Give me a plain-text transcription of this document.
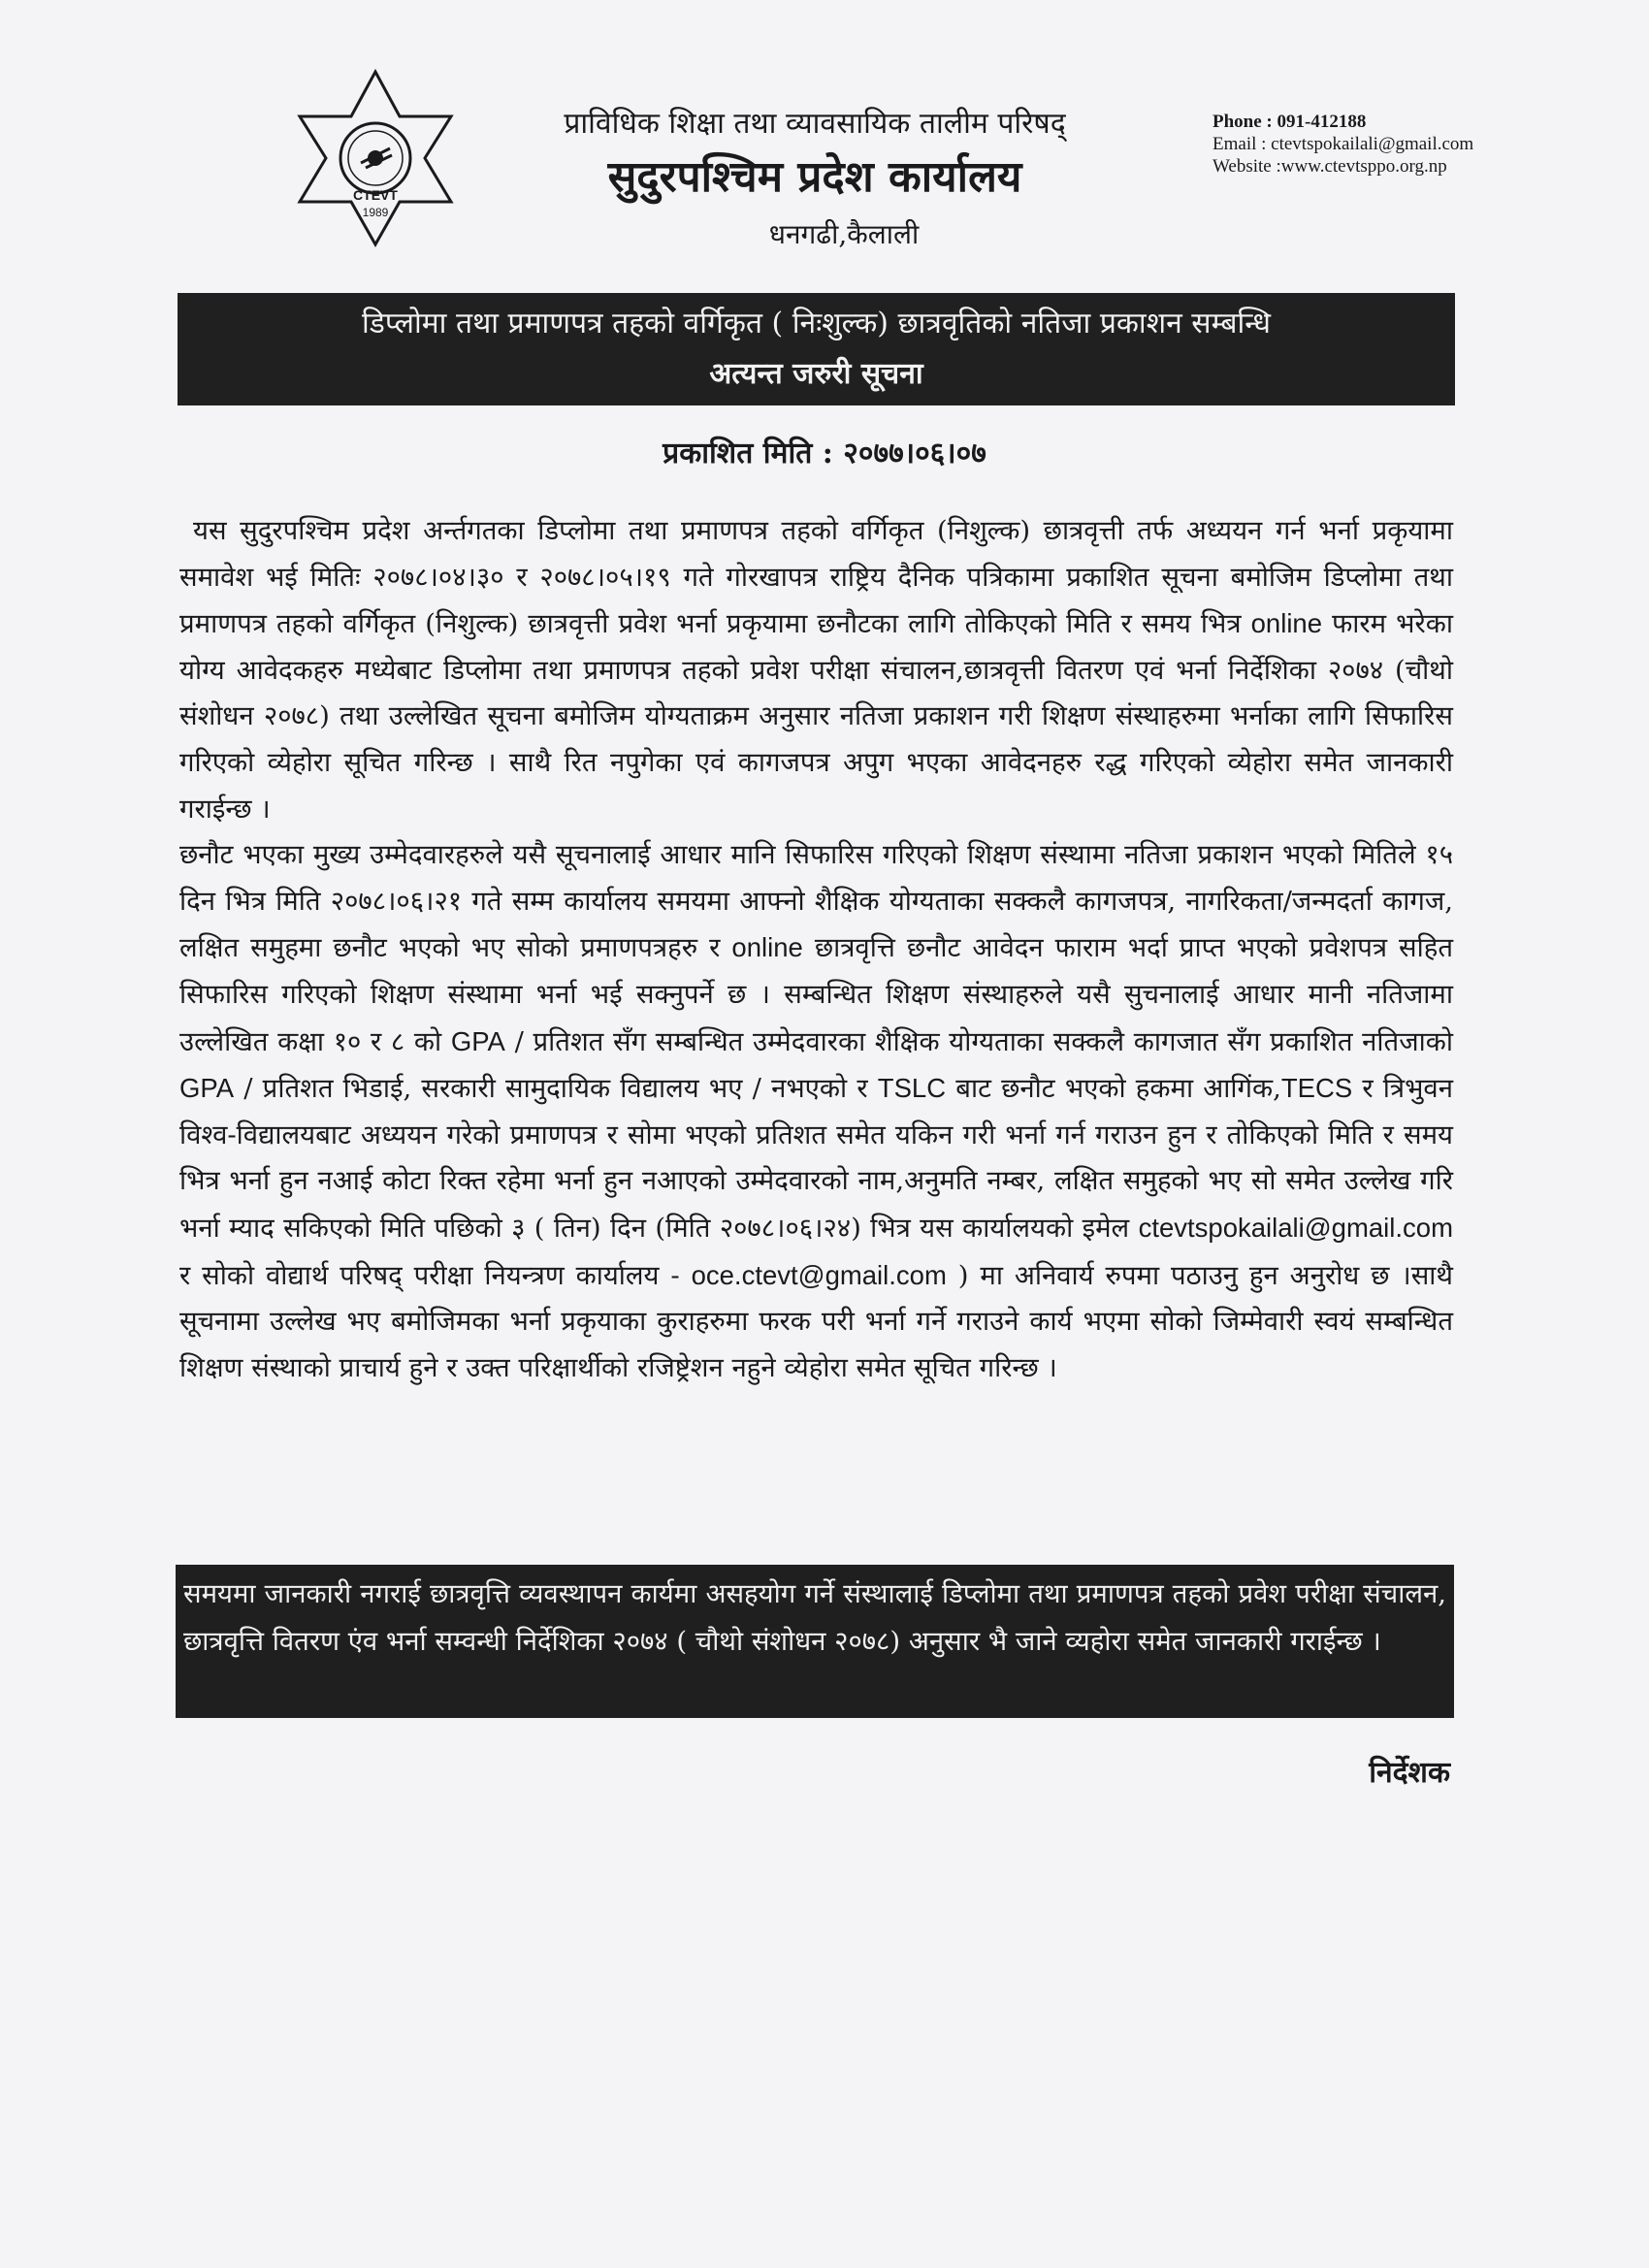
CTEVT
1989
प्राविधिक शिक्षा तथा व्यावसायिक तालीम परिषद्
सुदुरपश्चिम प्रदेश कार्यालय
धनगढी,कैलाली
Phone : 091-412188
Email : ctevtspokailali@gmail.com
Website :www.ctevtsppo.org.np
डिप्लोमा तथा प्रमाणपत्र तहको वर्गिकृत ( निःशुल्क) छात्रवृतिको नतिजा प्रकाशन सम्बन्धि
अत्यन्त जरुरी सूचना
प्रकाशित मिति : २०७७।०६।०७

यस सुदुरपश्चिम प्रदेश अर्न्तगतका डिप्लोमा तथा प्रमाणपत्र तहको वर्गिकृत (निशुल्क) छात्रवृत्ती तर्फ अध्ययन गर्न भर्ना प्रकृयामा समावेश भई मितिः २०७८।०४।३० र २०७८।०५।१९ गते गोरखापत्र राष्ट्रिय दैनिक पत्रिकामा प्रकाशित सूचना बमोजिम डिप्लोमा तथा प्रमाणपत्र तहको वर्गिकृत (निशुल्क) छात्रवृत्ती प्रवेश भर्ना प्रकृयामा छनौटका लागि तोकिएको मिति र समय भित्र online फारम भरेका योग्य आवेदकहरु मध्येबाट डिप्लोमा तथा प्रमाणपत्र तहको प्रवेश परीक्षा संचालन,छात्रवृत्ती वितरण एवं भर्ना निर्देशिका २०७४ (चौथो संशोधन २०७८) तथा उल्लेखित सूचना बमोजिम योग्यताक्रम अनुसार नतिजा प्रकाशन गरी शिक्षण संस्थाहरुमा भर्नाका लागि सिफारिस गरिएको व्येहोरा सूचित गरिन्छ । साथै रित नपुगेका एवं कागजपत्र अपुग भएका आवेदनहरु रद्ध गरिएको व्येहोरा समेत जानकारी गराईन्छ ।

छनौट भएका मुख्य उम्मेदवारहरुले यसै सूचनालाई आधार मानि सिफारिस गरिएको शिक्षण संस्थामा नतिजा प्रकाशन भएको मितिले १५ दिन भित्र मिति २०७८।०६।२१ गते सम्म कार्यालय समयमा आफ्नो शैक्षिक योग्यताका सक्कलै कागजपत्र, नागरिकता/जन्मदर्ता कागज, लक्षित समुहमा छनौट भएको भए सोको प्रमाणपत्रहरु र online छात्रवृत्ति छनौट आवेदन फाराम भर्दा प्राप्त भएको प्रवेशपत्र सहित सिफारिस गरिएको शिक्षण संस्थामा भर्ना भई सक्नुपर्ने छ । सम्बन्धित शिक्षण संस्थाहरुले यसै सुचनालाई आधार मानी नतिजामा उल्लेखित कक्षा १० र ८ को GPA / प्रतिशत सँग सम्बन्धित उम्मेदवारका शैक्षिक योग्यताका सक्कलै कागजात सँग प्रकाशित नतिजाको GPA / प्रतिशत भिडाई, सरकारी सामुदायिक विद्यालय भए / नभएको र TSLC बाट छनौट भएको हकमा आगिंक,TECS र त्रिभुवन विश्व-विद्यालयबाट अध्ययन गरेको प्रमाणपत्र र सोमा भएको प्रतिशत समेत यकिन गरी भर्ना गर्न गराउन हुन र तोकिएको मिति र समय भित्र भर्ना हुन नआई कोटा रिक्त रहेमा भर्ना हुन नआएको उम्मेदवारको नाम,अनुमति नम्बर, लक्षित समुहको भए सो समेत उल्लेख गरि भर्ना म्याद सकिएको मिति पछिको ३ ( तिन) दिन (मिति २०७८।०६।२४) भित्र यस कार्यालयको इमेल ctevtspokailali@gmail.com र सोको वोद्यार्थ परिषद् परीक्षा नियन्त्रण कार्यालय - oce.ctevt@gmail.com ) मा अनिवार्य रुपमा पठाउनु हुन अनुरोध छ ।साथै सूचनामा उल्लेख भए बमोजिमका भर्ना प्रकृयाका कुराहरुमा फरक परी भर्ना गर्ने गराउने कार्य भएमा सोको जिम्मेवारी स्वयं सम्बन्धित शिक्षण संस्थाको प्राचार्य हुने र उक्त परिक्षार्थीको रजिष्ट्रेशन नहुने व्येहोरा समेत सूचित गरिन्छ ।

समयमा जानकारी नगराई छात्रवृत्ति व्यवस्थापन कार्यमा असहयोग गर्ने संस्थालाई डिप्लोमा तथा प्रमाणपत्र तहको प्रवेश परीक्षा संचालन, छात्रवृत्ति वितरण एंव भर्ना सम्वन्धी निर्देशिका २०७४ ( चौथो संशोधन २०७८) अनुसार भै जाने व्यहोरा समेत जानकारी गराईन्छ ।
निर्देशक
